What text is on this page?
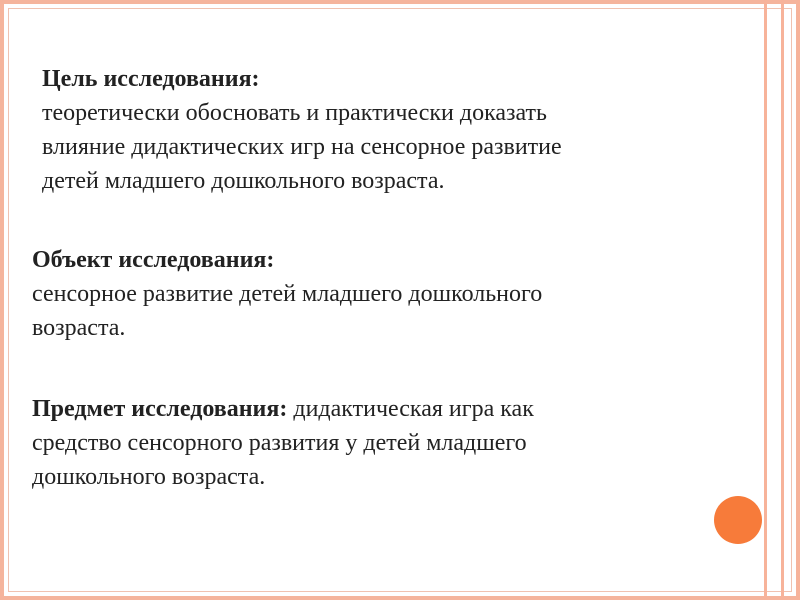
Цель исследования:
теоретически обосновать и практически доказать
влияние дидактических игр на сенсорное развитие
детей младшего дошкольного возраста.
Объект исследования:
сенсорное развитие детей младшего дошкольного
возраста.
Предмет исследования: дидактическая игра как
средство сенсорного развития у детей младшего
дошкольного возраста.
